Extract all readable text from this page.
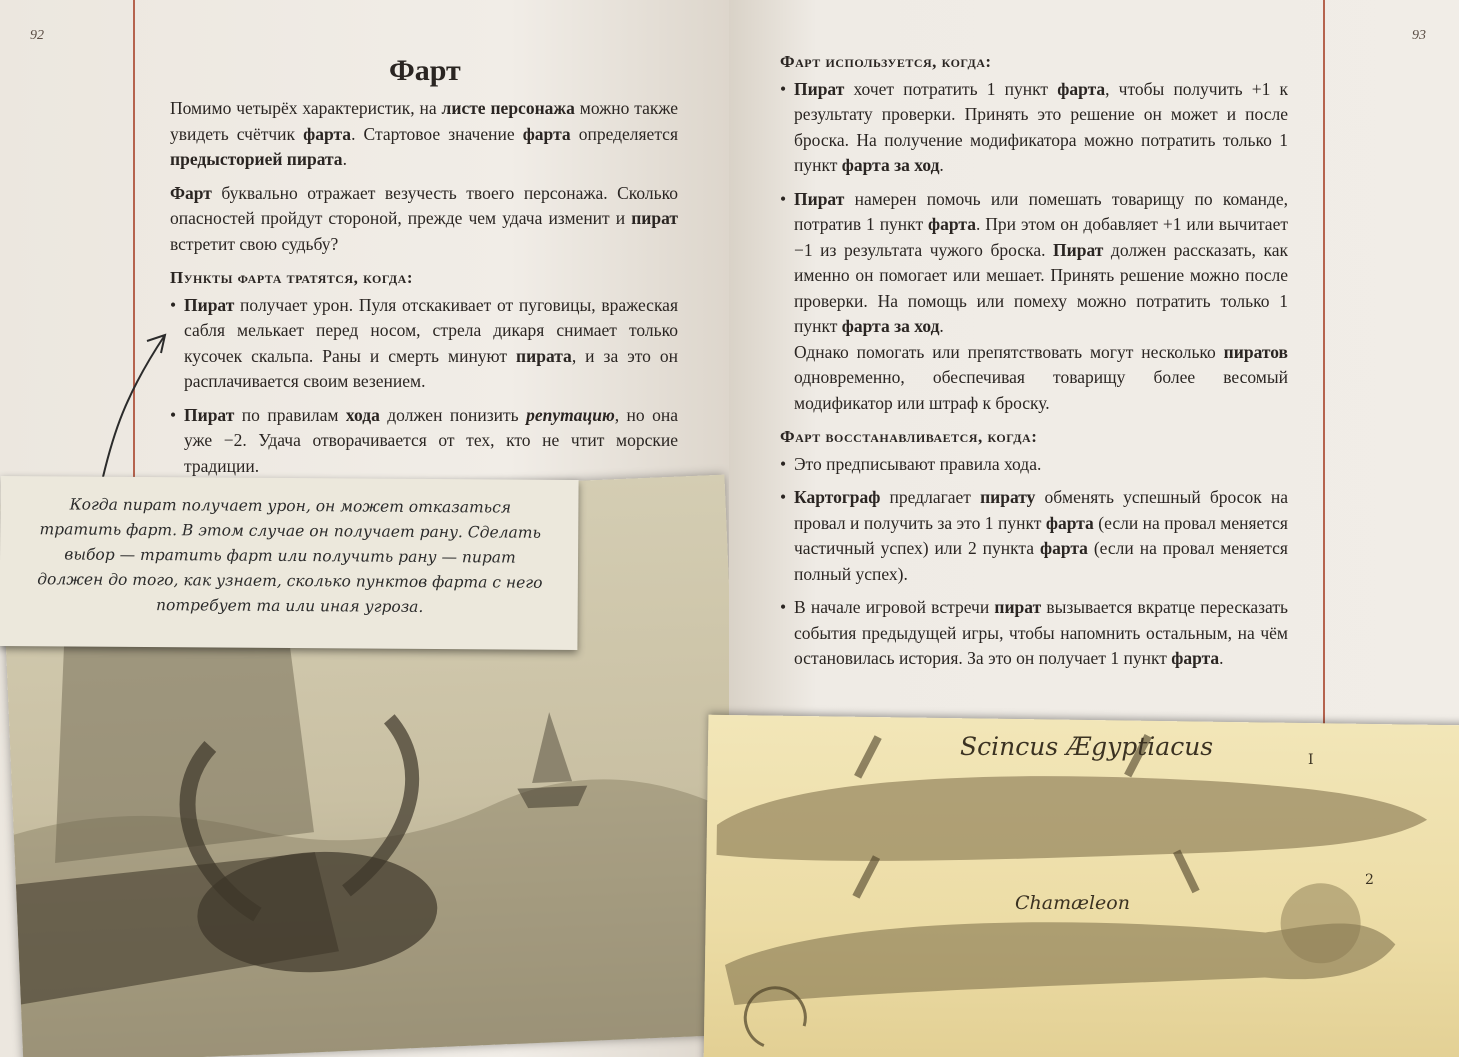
92
Фарт

Помимо четырёх характеристик, на листе персонажа можно также увидеть счётчик фарта. Стартовое значение фарта определяется предысторией пирата.

Фарт буквально отражает везучесть твоего персонажа. Сколько опасностей пройдут стороной, прежде чем удача изменит и пират встретит свою судьбу?

Пункты фарта тратятся, когда:

• Пират получает урон. Пуля отскакивает от пуговицы, вражеская сабля мелькает перед носом, стрела дикаря снимает только кусочек скальпа. Раны и смерть минуют пирата, и за это он расплачивается своим везением.
• Пират по правилам хода должен понизить репутацию, но она уже −2. Удача отворачивается от тех, кто не чтит морские традиции.
Когда пират получает урон, он может отказаться тратить фарт. В этом случае он получает рану. Сделать выбор — тратить фарт или получить рану — пират должен до того, как узнает, сколько пунктов фарта с него потребует та или иная угроза.
93

Фарт используется, когда:

• Пират хочет потратить 1 пункт фарта, чтобы получить +1 к результату проверки. Принять это решение он может и после броска. На получение модификатора можно потратить только 1 пункт фарта за ход.
• Пират намерен помочь или помешать товарищу по команде, потратив 1 пункт фарта. При этом он добавляет +1 или вычитает −1 из результата чужого броска. Пират должен рассказать, как именно он помогает или мешает. Принять решение можно после проверки. На помощь или помеху можно потратить только 1 пункт фарта за ход.

Однако помогать или препятствовать могут несколько пиратов одновременно, обеспечивая товарищу более весомый модификатор или штраф к броску.

Фарт восстанавливается, когда:

• Это предписывают правила хода.
• Картограф предлагает пирату обменять успешный бросок на провал и получить за это 1 пункт фарта (если на провал меняется частичный успех) или 2 пункта фарта (если на провал меняется полный успех).
• В начале игровой встречи пират вызывается вкратце пересказать события предыдущей игры, чтобы напомнить остальным, на чём остановилась история. За это он получает 1 пункт фарта.
Scincus Ægyptiacus
Chamæleon
I
2
